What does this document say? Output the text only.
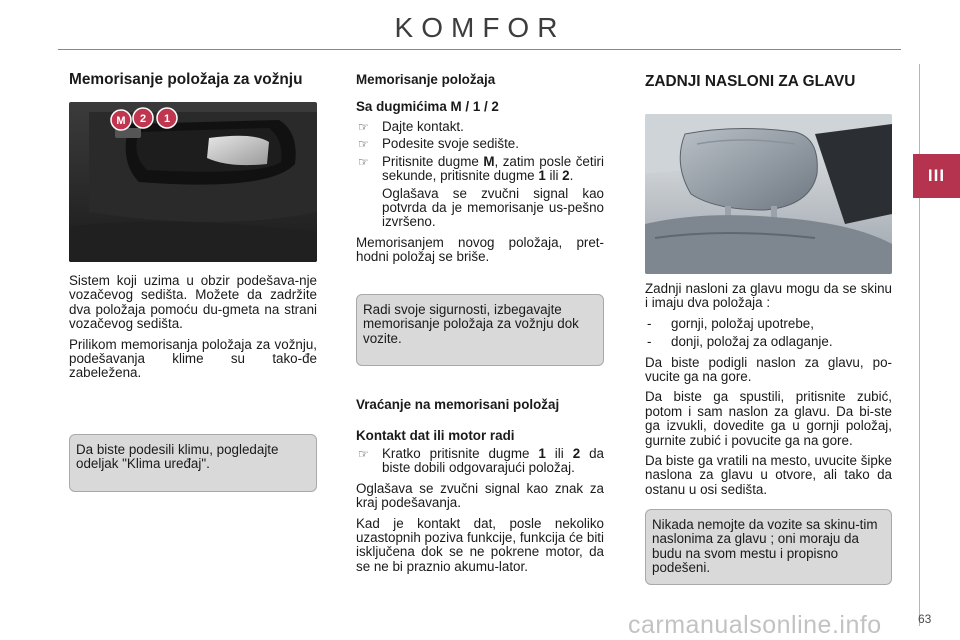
KOMFOR
III
Memorisanje položaja za vožnju
M 2 1

Sistem koji uzima u obzir podešava-nje vozačevog sedišta. Možete da zadržite dva položaja pomoću du-gmeta na strani vozačevog sedišta.

Prilikom memorisanja položaja za vožnju, podešavanja klime su tako-đe zabeležena.

Da biste podesili klimu, pogledajte odeljak "Klima uređaj".
Memorisanje položaja
Sa dugmićima M / 1 / 2
☞ Dajte kontakt.
☞ Podesite svoje sedište.
☞ Pritisnite dugme M, zatim posle četiri sekunde, pritisnite dugme 1 ili 2.
Oglašava se zvučni signal kao potvrda da je memorisanje us-pešno izvršeno.

Memorisanjem novog položaja, pret-hodni položaj se briše.

Radi svoje sigurnosti, izbegavajte memorisanje položaja za vožnju dok vozite.
Vraćanje na memorisani položaj
Kontakt dat ili motor radi
☞ Kratko pritisnite dugme 1 ili 2 da biste dobili odgovarajući položaj.

Oglašava se zvučni signal kao znak za kraj podešavanja.

Kad je kontakt dat, posle nekoliko uzastopnih poziva funkcije, funkcija će biti isključena dok se ne pokrene motor, da se ne bi praznio akumu-lator.

ZADNJI NASLONI ZA GLAVU

Zadnji nasloni za glavu mogu da se skinu i imaju dva položaja :

- gornji, položaj upotrebe,
- donji, položaj za odlaganje.

Da biste podigli naslon za glavu, po-vucite ga na gore.

Da biste ga spustili, pritisnite zubić, potom i sam naslon za glavu. Da bi-ste ga izvukli, dovedite ga u gornji položaj, gurnite zubić i povucite ga na gore.

Da biste ga vratili na mesto, uvucite šipke naslona za glavu u otvore, ali tako da ostanu u osi sedišta.

Nikada nemojte da vozite sa skinu-tim naslonima za glavu ; oni moraju da budu na svom mestu i propisno podešeni.
carmanualsonline.info	63
